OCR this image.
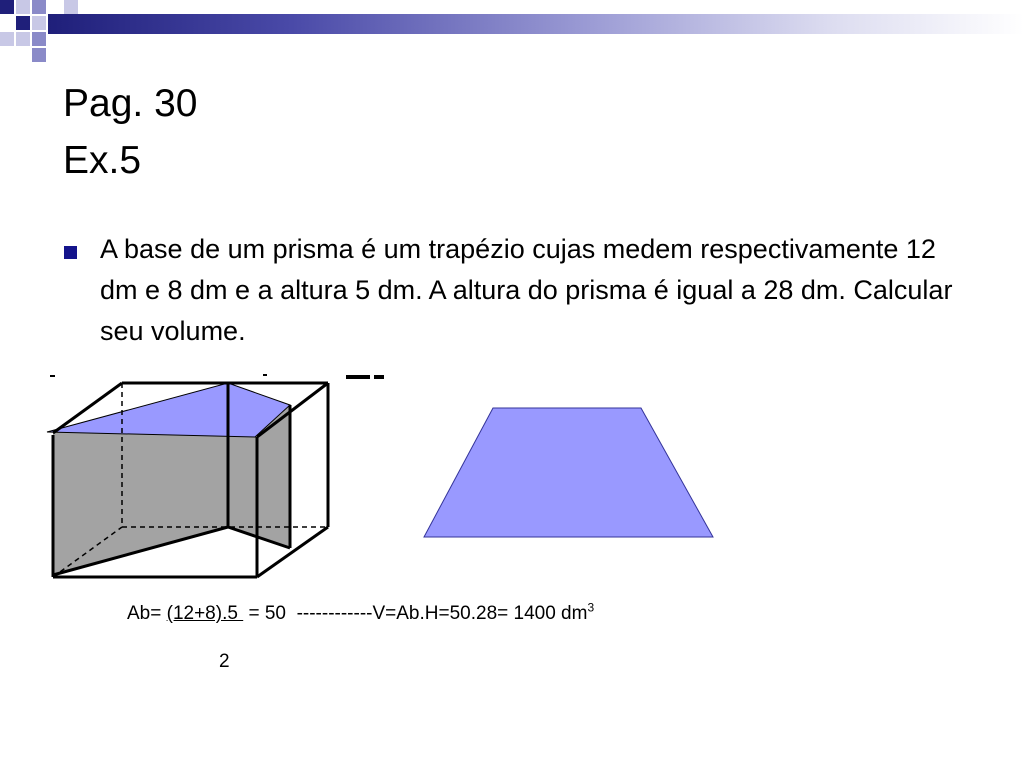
Pag. 30
Ex.5

A base de um prisma é um trapézio cujas medem respectivamente 12 dm e 8 dm e a altura 5 dm. A altura do prisma é igual a 28 dm. Calcular seu volume.

Ab= (12+8).5  = 50  ------------V=Ab.H=50.28= 1400 $dm^3$
2
